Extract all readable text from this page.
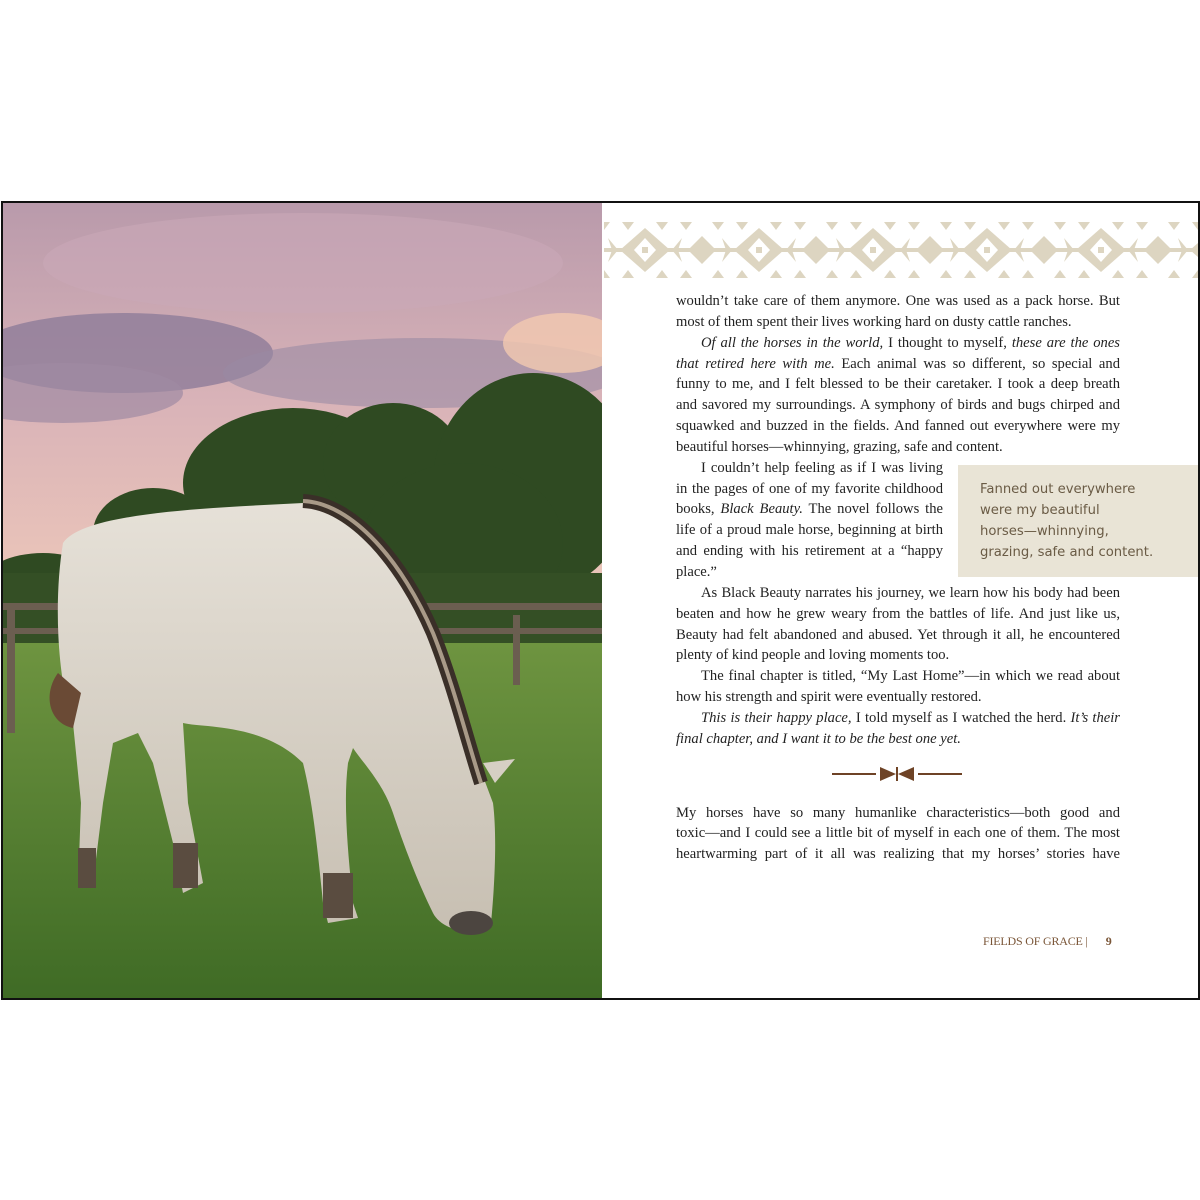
wouldn’t take care of them anymore. One was used as a pack horse. But
most of them spent their lives working hard on dusty cattle ranches.
Of all the horses in the world, I thought to myself, these are the ones
that retired here with me. Each animal was so different, so special and
funny to me, and I felt blessed to be their caretaker. I took a deep breath
and savored my surroundings. A symphony of birds and bugs chirped and
squawked and buzzed in the fields. And fanned out everywhere were my
beautiful horses—whinnying, grazing, safe and content.
I couldn’t help feeling as if I was living
in the pages of one of my favorite childhood
books, Black Beauty. The novel follows the
life of a proud male horse, beginning at birth
and ending with his retirement at a “happy
place.”
As Black Beauty narrates his journey, we learn how his body had been
beaten and how he grew weary from the battles of life. And just like us,
Beauty had felt abandoned and abused. Yet through it all, he encountered
plenty of kind people and loving moments too.
The final chapter is titled, “My Last Home”—in which we read about
how his strength and spirit were eventually restored.
This is their happy place, I told myself as I watched the herd. It’s their
final chapter, and I want it to be the best one yet.
My horses have so many humanlike characteristics—both good and
toxic—and I could see a little bit of myself in each one of them. The most
heartwarming part of it all was realizing that my horses’ stories have
Fanned out everywhere
were my beautiful
horses—whinnying,
grazing, safe and content.
FIELDS OF GRACE | 9
